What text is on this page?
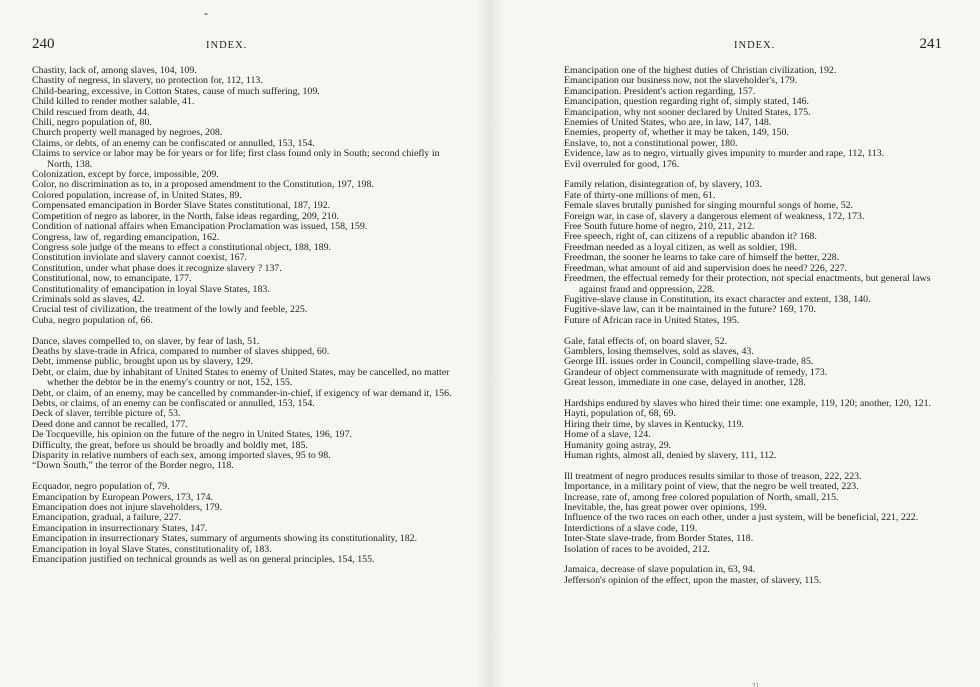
-
240	INDEX.
Chastity, lack of, among slaves, 104, 109.
Chastity of negress, in slavery, no protection for, 112, 113.
Child-bearing, excessive, in Cotton States, cause of much suffering, 109.
Child killed to render mother salable, 41.
Child rescued from death, 44.
Chili, negro population of, 80.
Church property well managed by negroes, 208.
Claims, or debts, of an enemy can be confiscated or annulled, 153, 154.
Claims to service or labor may be for years or for life; first class found only in South; second chiefly in North, 138.
Colonization, except by force, impossible, 209.
Color, no discrimination as to, in a proposed amendment to the Constitution, 197, 198.
Colored population, increase of, in United States, 89.
Compensated emancipation in Border Slave States constitutional, 187, 192.
Competition of negro as laborer, in the North, false ideas regarding, 209, 210.
Condition of national affairs when Emancipation Proclamation was issued, 158, 159.
Congress, law of, regarding emancipation, 162.
Congress sole judge of the means to effect a constitutional object, 188, 189.
Constitution inviolate and slavery cannot coexist, 167.
Constitution, under what phase does it recognize slavery ? 137.
Constitutional, now, to emancipate, 177.
Constitutionality of emancipation in loyal Slave States, 183.
Criminals sold as slaves, 42.
Crucial test of civilization, the treatment of the lowly and feeble, 225.
Cuba, negro population of, 66.
Dance, slaves compelled to, on slaver, by fear of lash, 51.
Deaths by slave-trade in Africa, compared to number of slaves shipped, 60.
Debt, immense public, brought upon us by slavery, 129.
Debt, or claim, due by inhabitant of United States to enemy of United States, may be cancelled, no matter whether the debtor be in the enemy's country or not, 152, 155.
Debt, or claim, of an enemy, may be cancelled by commander-in-chief, if exigency of war demand it, 156.
Debts, or claims, of an enemy can be confiscated or annulled, 153, 154.
Deck of slaver, terrible picture of, 53.
Deed done and cannot be recalled, 177.
De Tocqueville, his opinion on the future of the negro in United States, 196, 197.
Difficulty, the great, before us should be broadly and boldly met, 185.
Disparity in relative numbers of each sex, among imported slaves, 95 to 98.
“Down South,” the terror of the Border negro, 118.
Ecquador, negro population of, 79.
Emancipation by European Powers, 173, 174.
Emancipation does not injure slaveholders, 179.
Emancipation, gradual, a failure, 227.
Emancipation in insurrectionary States, 147.
Emancipation in insurrectionary States, summary of arguments showing its constitutionality, 182.
Emancipation in loyal Slave States, constitutionality of, 183.
Emancipation justified on technical grounds as well as on general principles, 154, 155.
241
INDEX.
Emancipation one of the highest duties of Christian civilization, 192.
Emancipation our business now, not the slaveholder's, 179.
Emancipation. President's action regarding, 157.
Emancipation, question regarding right of, simply stated, 146.
Emancipation, why not sooner declared by United States, 175.
Enemies of United States, who are, in law, 147, 148.
Enemies, property of, whether it may be taken, 149, 150.
Enslave, to, not a constitutional power, 180.
Evidence, law as to negro, virtually gives impunity to murder and rape, 112, 113.
Evil overruled for good, 176.
Family relation, disintegration of, by slavery, 103.
Fate of thirty-one millions of men, 61.
Female slaves brutally punished for singing mournful songs of home, 52.
Foreign war, in case of, slavery a dangerous element of weakness, 172, 173.
Free South future home of negro, 210, 211, 212.
Free speech, right of, can citizens of a republic abandon it? 168.
Freedman needed as a loyal citizen, as well as soldier, 198.
Freedman, the sooner he learns to take care of himself the better, 228.
Freedman, what amount of aid and supervision does he need? 226, 227.
Freedmen, the effectual remedy for their protection, not special enactments, but general laws against fraud and oppression, 228.
Fugitive-slave clause in Constitution, its exact character and extent, 138, 140.
Fugitive-slave law, can it be maintained in the future? 169, 170.
Future of African race in United States, 195.
Gale, fatal effects of, on board slaver, 52.
Gamblers, losing themselves, sold as slaves, 43.
George III. issues order in Council, compelling slave-trade, 85.
Grandeur of object commensurate with magnitude of remedy, 173.
Great lesson, immediate in one case, delayed in another, 128.
Hardships endured by slaves who hired their time: one example, 119, 120; another, 120, 121.
Hayti, population of, 68, 69.
Hiring their time, by slaves in Kentucky, 119.
Home of a slave, 124.
Humanity going astray, 29.
Human rights, almost all, denied by slavery, 111, 112.
Ill treatment of negro produces results similar to those of treason, 222, 223.
Importance, in a military point of view, that the negro be well treated, 223.
Increase, rate of, among free colored population of North, small, 215.
Inevitable, the, has great power over opinions, 199.
Influence of the two races on each other, under a just system, will be beneficial, 221, 222.
Interdictions of a slave code, 119.
Inter-State slave-trade, from Border States, 118.
Isolation of races to be avoided, 212.
Jamaica, decrease of slave population in, 63, 94.
Jefferson's opinion of the effect, upon the master, of slavery, 115.
21
